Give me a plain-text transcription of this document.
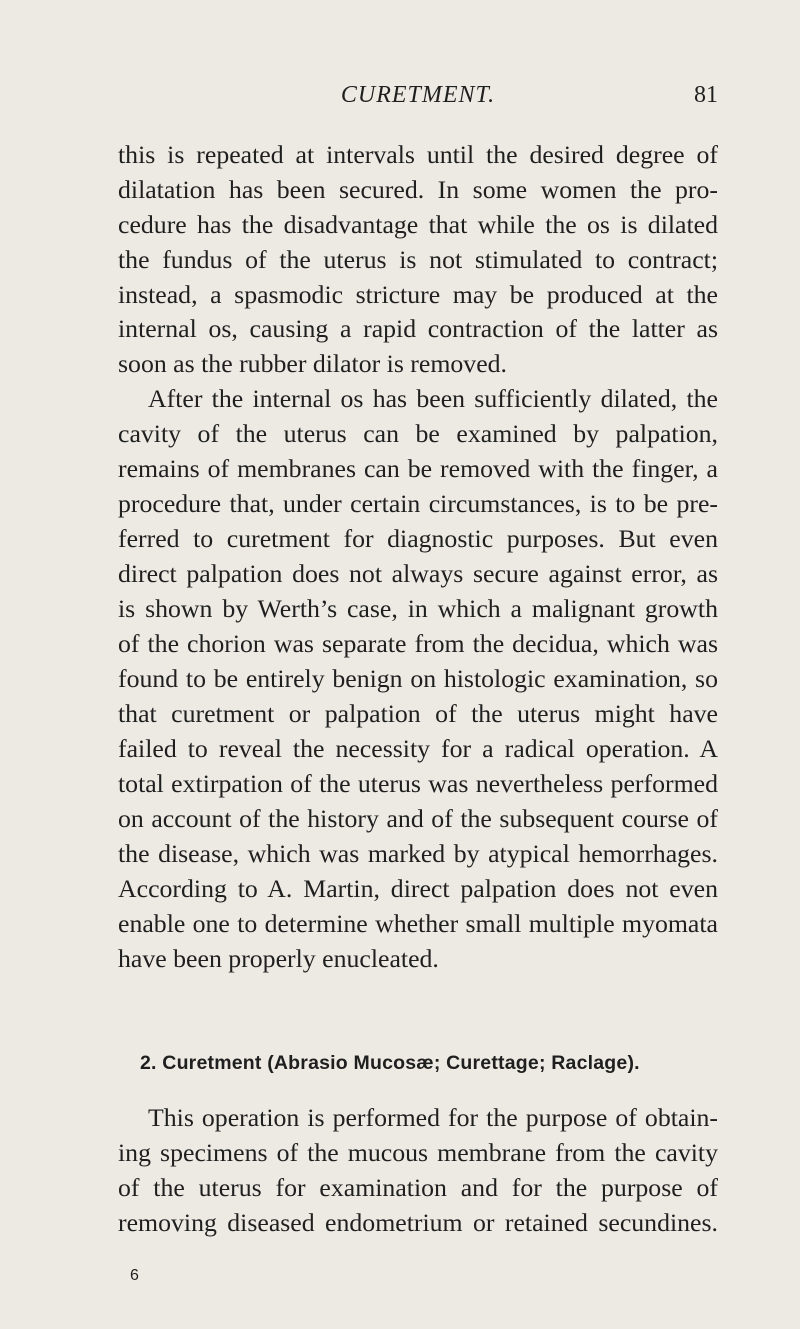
CURETMENT.	81
this is repeated at intervals until the desired degree of
dilatation has been secured. In some women the pro-
cedure has the disadvantage that while the os is dilated
the fundus of the uterus is not stimulated to contract;
instead, a spasmodic stricture may be produced at the
internal os, causing a rapid contraction of the latter as
soon as the rubber dilator is removed.
After the internal os has been sufficiently dilated, the
cavity of the uterus can be examined by palpation,
remains of membranes can be removed with the finger, a
procedure that, under certain circumstances, is to be pre-
ferred to curetment for diagnostic purposes. But even
direct palpation does not always secure against error, as
is shown by Werth’s case, in which a malignant growth
of the chorion was separate from the decidua, which was
found to be entirely benign on histologic examination, so
that curetment or palpation of the uterus might have
failed to reveal the necessity for a radical operation. A
total extirpation of the uterus was nevertheless performed
on account of the history and of the subsequent course of
the disease, which was marked by atypical hemorrhages.
According to A. Martin, direct palpation does not even
enable one to determine whether small multiple myomata
have been properly enucleated.
2. Curetment (Abrasio Mucosæ; Curettage; Raclage).
This operation is performed for the purpose of obtain-
ing specimens of the mucous membrane from the cavity
of the uterus for examination and for the purpose of
removing diseased endometrium or retained secundines.
6
